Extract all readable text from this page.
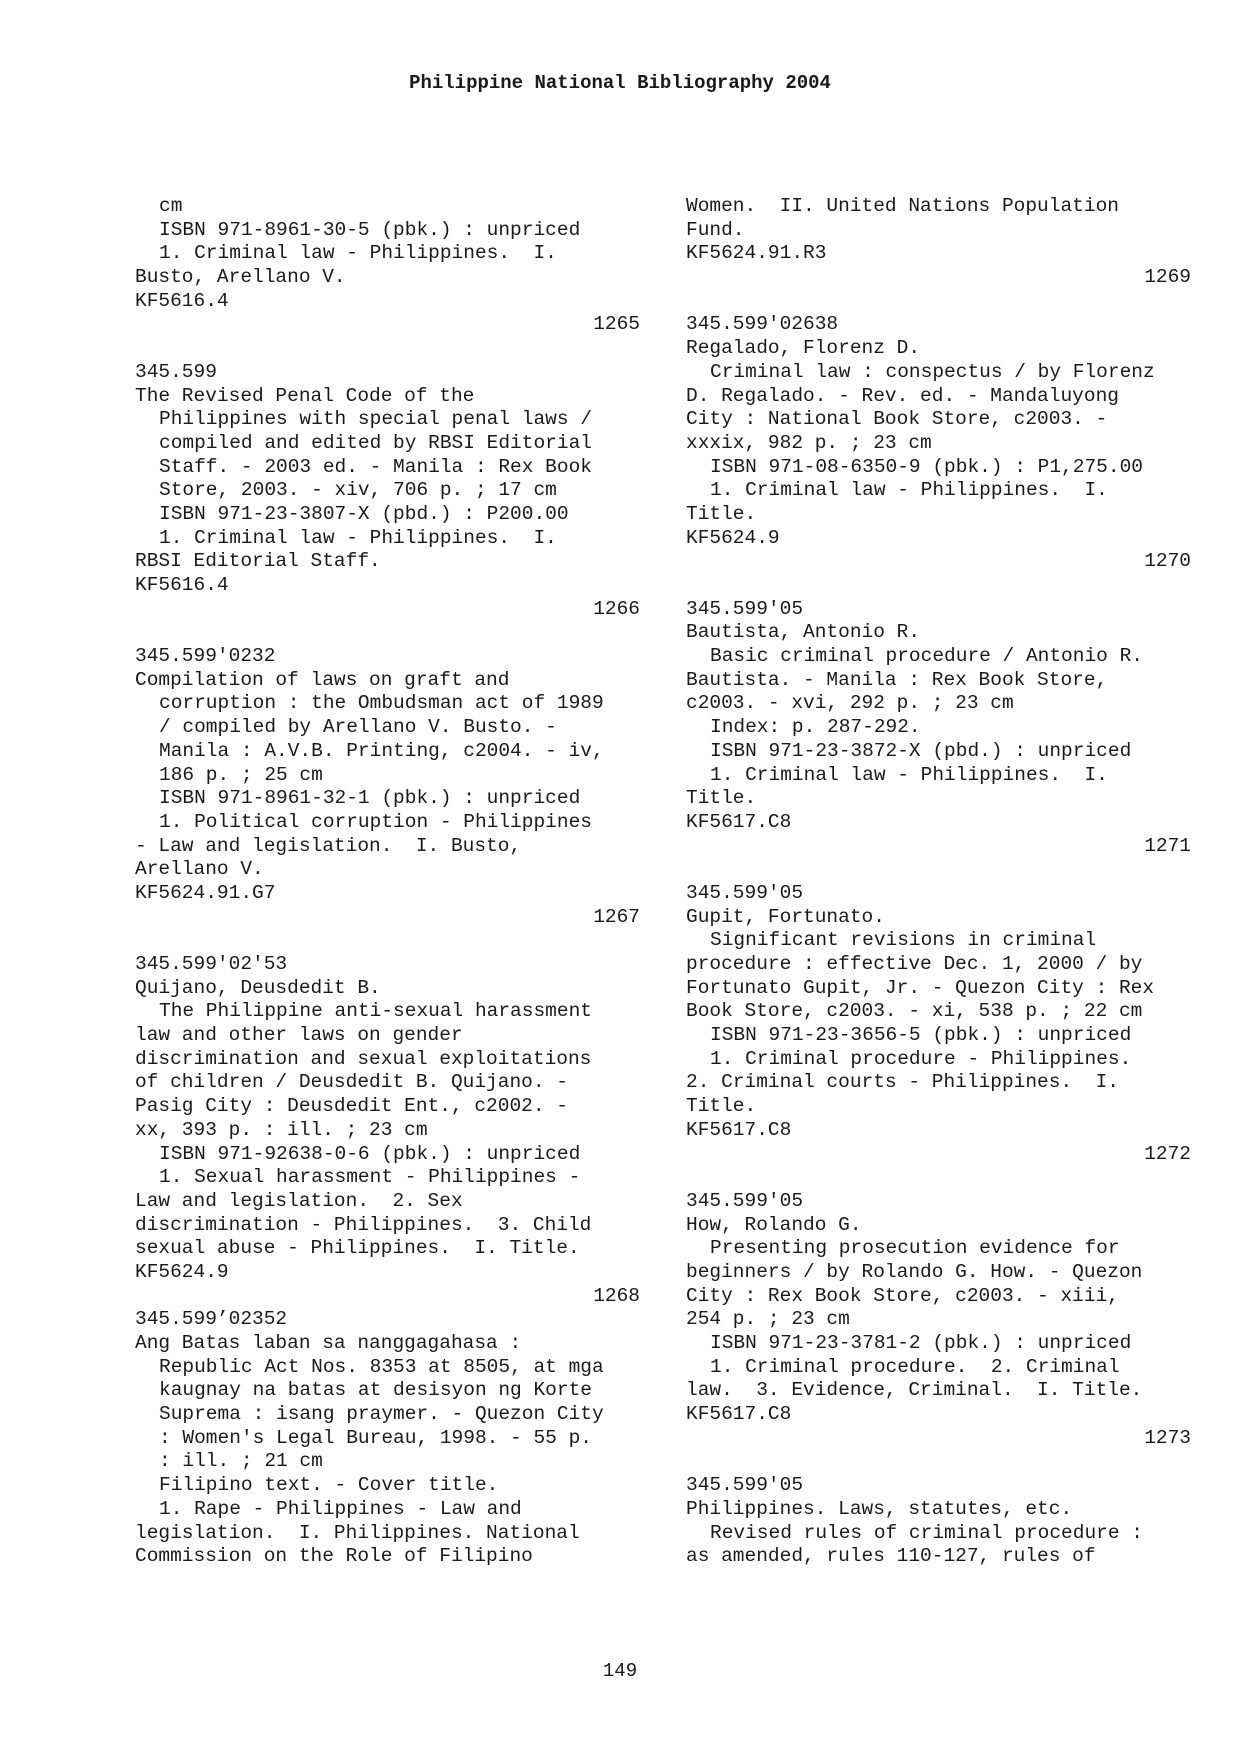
Philippine National Bibliography 2004
cm
ISBN 971-8961-30-5 (pbk.) : unpriced
1. Criminal law - Philippines.  I.
Busto, Arellano V.
KF5616.4
1265
345.599
The Revised Penal Code of the
Philippines with special penal laws /
compiled and edited by RBSI Editorial
Staff. - 2003 ed. - Manila : Rex Book
Store, 2003. - xiv, 706 p. ; 17 cm
ISBN 971-23-3807-X (pbd.) : P200.00
1. Criminal law - Philippines.  I.
RBSI Editorial Staff.
KF5616.4
1266
345.599'0232
Compilation of laws on graft and
corruption : the Ombudsman act of 1989
/ compiled by Arellano V. Busto. -
Manila : A.V.B. Printing, c2004. - iv,
186 p. ; 25 cm
ISBN 971-8961-32-1 (pbk.) : unpriced
1. Political corruption - Philippines
- Law and legislation.  I. Busto,
Arellano V.
KF5624.91.G7
1267
345.599'02'53
Quijano, Deusdedit B.
The Philippine anti-sexual harassment
law and other laws on gender
discrimination and sexual exploitations
of children / Deusdedit B. Quijano. -
Pasig City : Deusdedit Ent., c2002. -
xx, 393 p. : ill. ; 23 cm
ISBN 971-92638-0-6 (pbk.) : unpriced
1. Sexual harassment - Philippines -
Law and legislation.  2. Sex
discrimination - Philippines.  3. Child
sexual abuse - Philippines.  I. Title.
KF5624.9
1268
345.599’02352
Ang Batas laban sa nanggagahasa :
Republic Act Nos. 8353 at 8505, at mga
kaugnay na batas at desisyon ng Korte
Suprema : isang praymer. - Quezon City
: Women's Legal Bureau, 1998. - 55 p.
: ill. ; 21 cm
Filipino text. - Cover title.
1. Rape - Philippines - Law and
legislation.  I. Philippines. National
Commission on the Role of Filipino
Women.  II. United Nations Population
Fund.
KF5624.91.R3
1269
345.599'02638
Regalado, Florenz D.
Criminal law : conspectus / by Florenz
D. Regalado. - Rev. ed. - Mandaluyong
City : National Book Store, c2003. -
xxxix, 982 p. ; 23 cm
ISBN 971-08-6350-9 (pbk.) : P1,275.00
1. Criminal law - Philippines.  I.
Title.
KF5624.9
1270
345.599'05
Bautista, Antonio R.
Basic criminal procedure / Antonio R.
Bautista. - Manila : Rex Book Store,
c2003. - xvi, 292 p. ; 23 cm
Index: p. 287-292.
ISBN 971-23-3872-X (pbd.) : unpriced
1. Criminal law - Philippines.  I.
Title.
KF5617.C8
1271
345.599'05
Gupit, Fortunato.
Significant revisions in criminal
procedure : effective Dec. 1, 2000 / by
Fortunato Gupit, Jr. - Quezon City : Rex
Book Store, c2003. - xi, 538 p. ; 22 cm
ISBN 971-23-3656-5 (pbk.) : unpriced
1. Criminal procedure - Philippines.
2. Criminal courts - Philippines.  I.
Title.
KF5617.C8
1272
345.599'05
How, Rolando G.
Presenting prosecution evidence for
beginners / by Rolando G. How. - Quezon
City : Rex Book Store, c2003. - xiii,
254 p. ; 23 cm
ISBN 971-23-3781-2 (pbk.) : unpriced
1. Criminal procedure.  2. Criminal
law.  3. Evidence, Criminal.  I. Title.
KF5617.C8
1273
345.599'05
Philippines. Laws, statutes, etc.
Revised rules of criminal procedure :
as amended, rules 110-127, rules of
149
